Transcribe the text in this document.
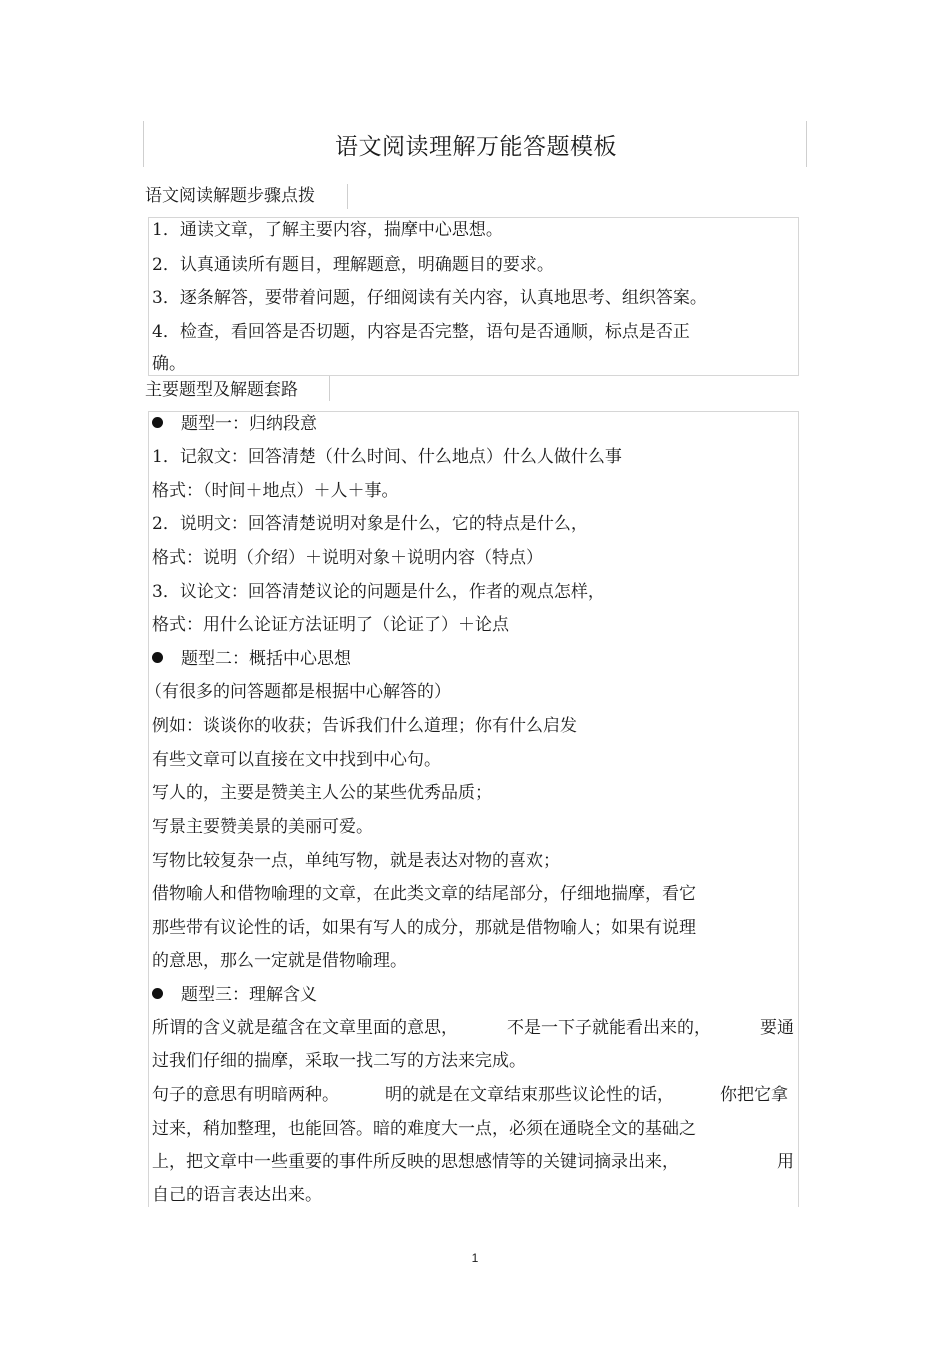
语文阅读理解万能答题模板
语文阅读解题步骤点拨
1．通读文章，了解主要内容，揣摩中心思想。
2．认真通读所有题目，理解题意，明确题目的要求。
3．逐条解答，要带着问题，仔细阅读有关内容，认真地思考、组织答案。
4．检查，看回答是否切题，内容是否完整，语句是否通顺，标点是否正
确。
主要题型及解题套路
题型一：归纳段意
1．记叙文：回答清楚（什么时间、什么地点）什么人做什么事
格式：（时间＋地点）＋人＋事。
2．说明文：回答清楚说明对象是什么，它的特点是什么，
格式：说明（介绍）＋说明对象＋说明内容（特点）
3．议论文：回答清楚议论的问题是什么，作者的观点怎样，
格式：用什么论证方法证明了（论证了）＋论点
题型二：概括中心思想
（有很多的问答题都是根据中心解答的）
例如：谈谈你的收获；告诉我们什么道理；你有什么启发
有些文章可以直接在文中找到中心句。
写人的，主要是赞美主人公的某些优秀品质；
写景主要赞美景的美丽可爱。
写物比较复杂一点，单纯写物，就是表达对物的喜欢；
借物喻人和借物喻理的文章，在此类文章的结尾部分，仔细地揣摩，看它
那些带有议论性的话，如果有写人的成分，那就是借物喻人；如果有说理
的意思，那么一定就是借物喻理。
题型三：理解含义
所谓的含义就是蕴含在文章里面的意思，	不是一下子就能看出来的，	要通
过我们仔细的揣摩，采取一找二写的方法来完成。
句子的意思有明暗两种。	明的就是在文章结束那些议论性的话，	你把它拿
过来，稍加整理，也能回答。暗的难度大一点，必须在通晓全文的基础之
上，把文章中一些重要的事件所反映的思想感情等的关键词摘录出来，	用
自己的语言表达出来。
1
